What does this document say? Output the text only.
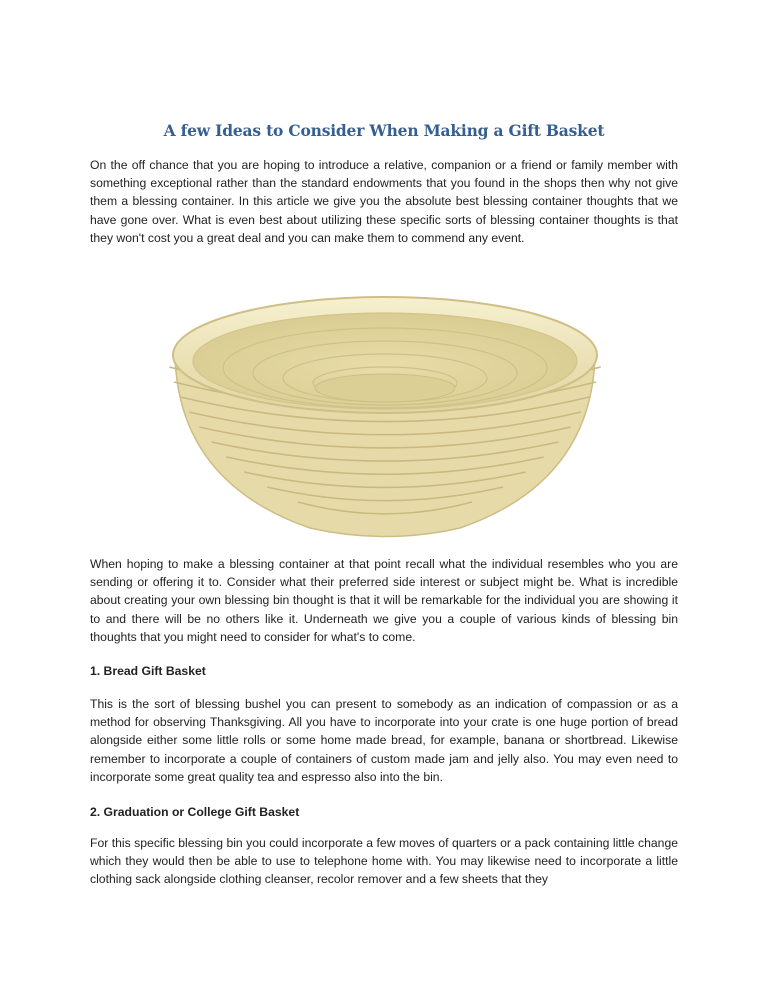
A few Ideas to Consider When Making a Gift Basket

On the off chance that you are hoping to introduce a relative, companion or a friend or family member with something exceptional rather than the standard endowments that you found in the shops then why not give them a blessing container. In this article we give you the absolute best blessing container thoughts that we have gone over. What is even best about utilizing these specific sorts of blessing container thoughts is that they won't cost you a great deal and you can make them to commend any event.

When hoping to make a blessing container at that point recall what the individual resembles who you are sending or offering it to. Consider what their preferred side interest or subject might be. What is incredible about creating your own blessing bin thought is that it will be remarkable for the individual you are showing it to and there will be no others like it. Underneath we give you a couple of various kinds of blessing bin thoughts that you might need to consider for what's to come.

1. Bread Gift Basket

This is the sort of blessing bushel you can present to somebody as an indication of compassion or as a method for observing Thanksgiving. All you have to incorporate into your crate is one huge portion of bread alongside either some little rolls or some home made bread, for example, banana or shortbread. Likewise remember to incorporate a couple of containers of custom made jam and jelly also. You may even need to incorporate some great quality tea and espresso also into the bin.

2. Graduation or College Gift Basket

For this specific blessing bin you could incorporate a few moves of quarters or a pack containing little change which they would then be able to use to telephone home with. You may likewise need to incorporate a little clothing sack alongside clothing cleanser, recolor remover and a few sheets that they
